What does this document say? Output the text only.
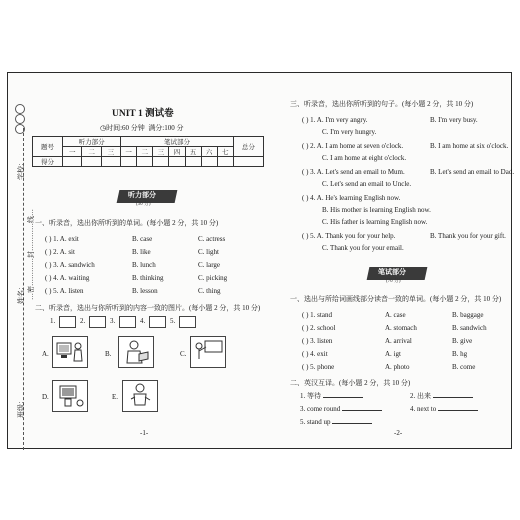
学校：
姓名：
班级：
…密…………封…………线…
UNIT 1 测试卷
◷时间:60 分钟 满分:100 分
题号	听力部分			笔试部分							总分
	一	二	三	一	二	三	四	五	六	七	
得分											
听力部分
(30 分)
一、听录音，选出你所听到的单词。(每小题 2 分，共 10 分)
( ) 1. A. exit	B. case	C. actress
( ) 2. A. sit	B. like	C. light
( ) 3. A. sandwich	B. lunch	C. large
( ) 4. A. waiting	B. thinking	C. picking
( ) 5. A. listen	B. lesson	C. thing
二、听录音，选出与你所听到的内容一致的图片。(每小题 2 分，共 10 分)
1.	2.	3.	4.	5.
A.	B.	C.
D.	E.
-1-
三、听录音，选出你所听到的句子。(每小题 2 分，共 10 分)
( ) 1. A. I'm very angry.	B. I'm very busy.
C. I'm very hungry.
( ) 2. A. I am home at seven o'clock.	B. I am home at six o'clock.
C. I am home at eight o'clock.
( ) 3. A. Let's send an email to Mum.	B. Let's send an email to Dad.
C. Let's send an email to Uncle.
( ) 4. A. He's learning English now.
B. His mother is learning English now.
C. His father is learning English now.
( ) 5. A. Thank you for your help.	B. Thank you for your gift.
C. Thank you for your email.
笔试部分
(70 分)
一、选出与所给词画线部分读音一致的单词。(每小题 2 分，共 10 分)
( ) 1. stand	A. case	B. baggage
( ) 2. school	A. stomach	B. sandwich
( ) 3. listen	A. arrival	B. give
( ) 4. exit	A. igt	B. hg
( ) 5. phone	A. photo	B. come
二、英汉互译。(每小题 2 分，共 10 分)
1. 等待	2. 出来
3. come round	4. next to
5. stand up
-2-
